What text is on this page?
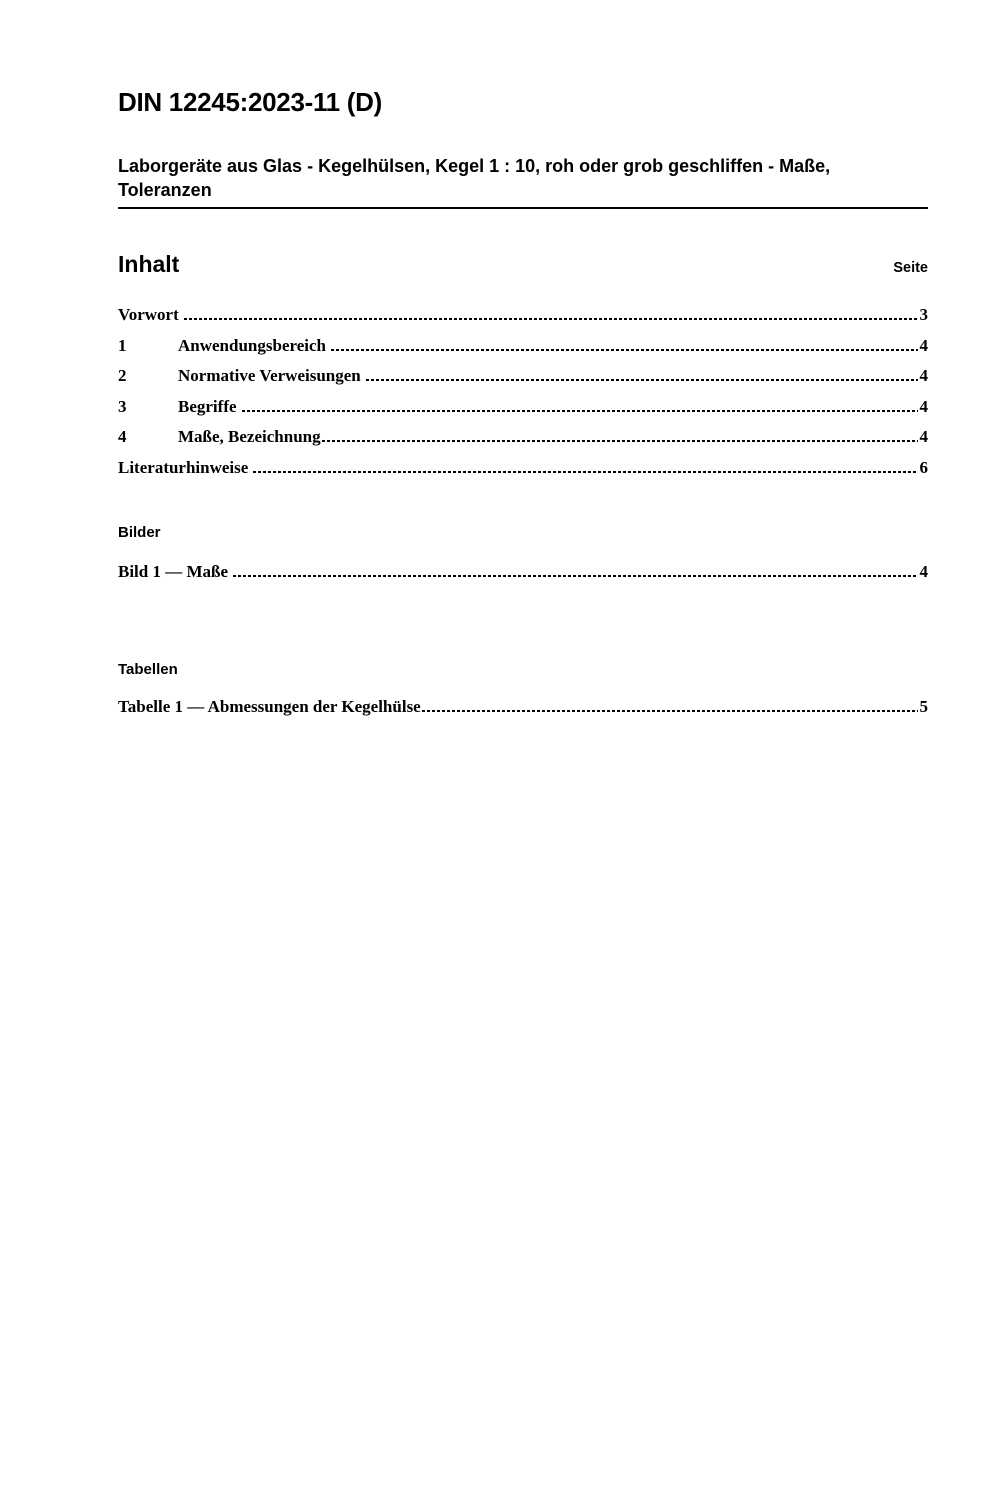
DIN 12245:2023-11 (D)
Laborgeräte aus Glas - Kegelhülsen, Kegel 1 : 10, roh oder grob geschliffen - Maße, Toleranzen
Inhalt	Seite
Vorwort	3
1	Anwendungsbereich	4
2	Normative Verweisungen	4
3	Begriffe	4
4	Maße, Bezeichnung	4
Literaturhinweise	6
Bilder
Bild 1 — Maße	4
Tabellen
Tabelle 1 — Abmessungen der Kegelhülse	5
